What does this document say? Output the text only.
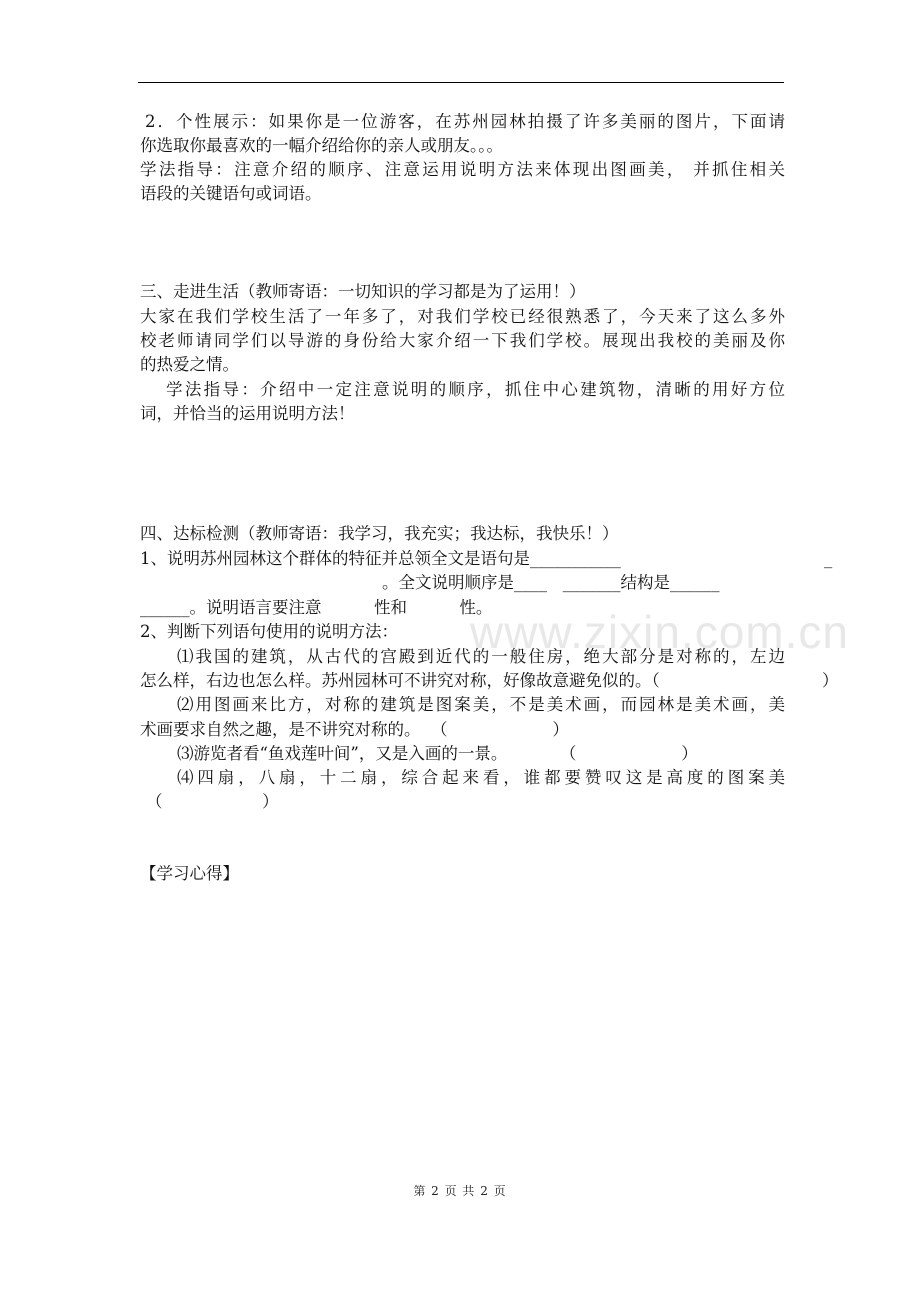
www.zixin.com.cn
2．个性展示：如果你是一位游客，在苏州园林拍摄了许多美丽的图片，下面请
你选取你最喜欢的一幅介绍给你的亲人或朋友。。。
学法指导：注意介绍的顺序、注意运用说明方法来体现出图画美， 并抓住相关
语段的关键语句或词语。
三、走进生活（教师寄语：一切知识的学习都是为了运用！）
大家在我们学校生活了一年多了，对我们学校已经很熟悉了，今天来了这么多外
校老师请同学们以导游的身份给大家介绍一下我们学校。展现出我校的美丽及你
的热爱之情。
学法指导：介绍中一定注意说明的顺序，抓住中心建筑物，清晰的用好方位
词，并恰当的运用说明方法！
四、达标检测（教师寄语：我学习，我充实；我达标，我快乐！）
1、说明苏州园林这个群体的特征并总领全文是语句是___________	_
。全文说明顺序是____   _______结构是______
______。说明语言要注意          性和          性。
2、判断下列语句使用的说明方法：
⑴我国的建筑，从古代的宫殿到近代的一般住房，绝大部分是对称的，左边
怎么样，右边也怎么样。苏州园林可不讲究对称，好像故意避免似的。（	）
⑵用图画来比方，对称的建筑是图案美，不是美术画，而园林是美术画，美
术画要求自然之趣，是不讲究对称的。  （                    ）
⑶游览者看“鱼戏莲叶间”，又是入画的一景。          （                    ）
⑷四扇，八扇，十二扇，综合起来看，谁都要赞叹这是高度的图案美
（                   ）
【学习心得】
第 2 页 共 2 页
